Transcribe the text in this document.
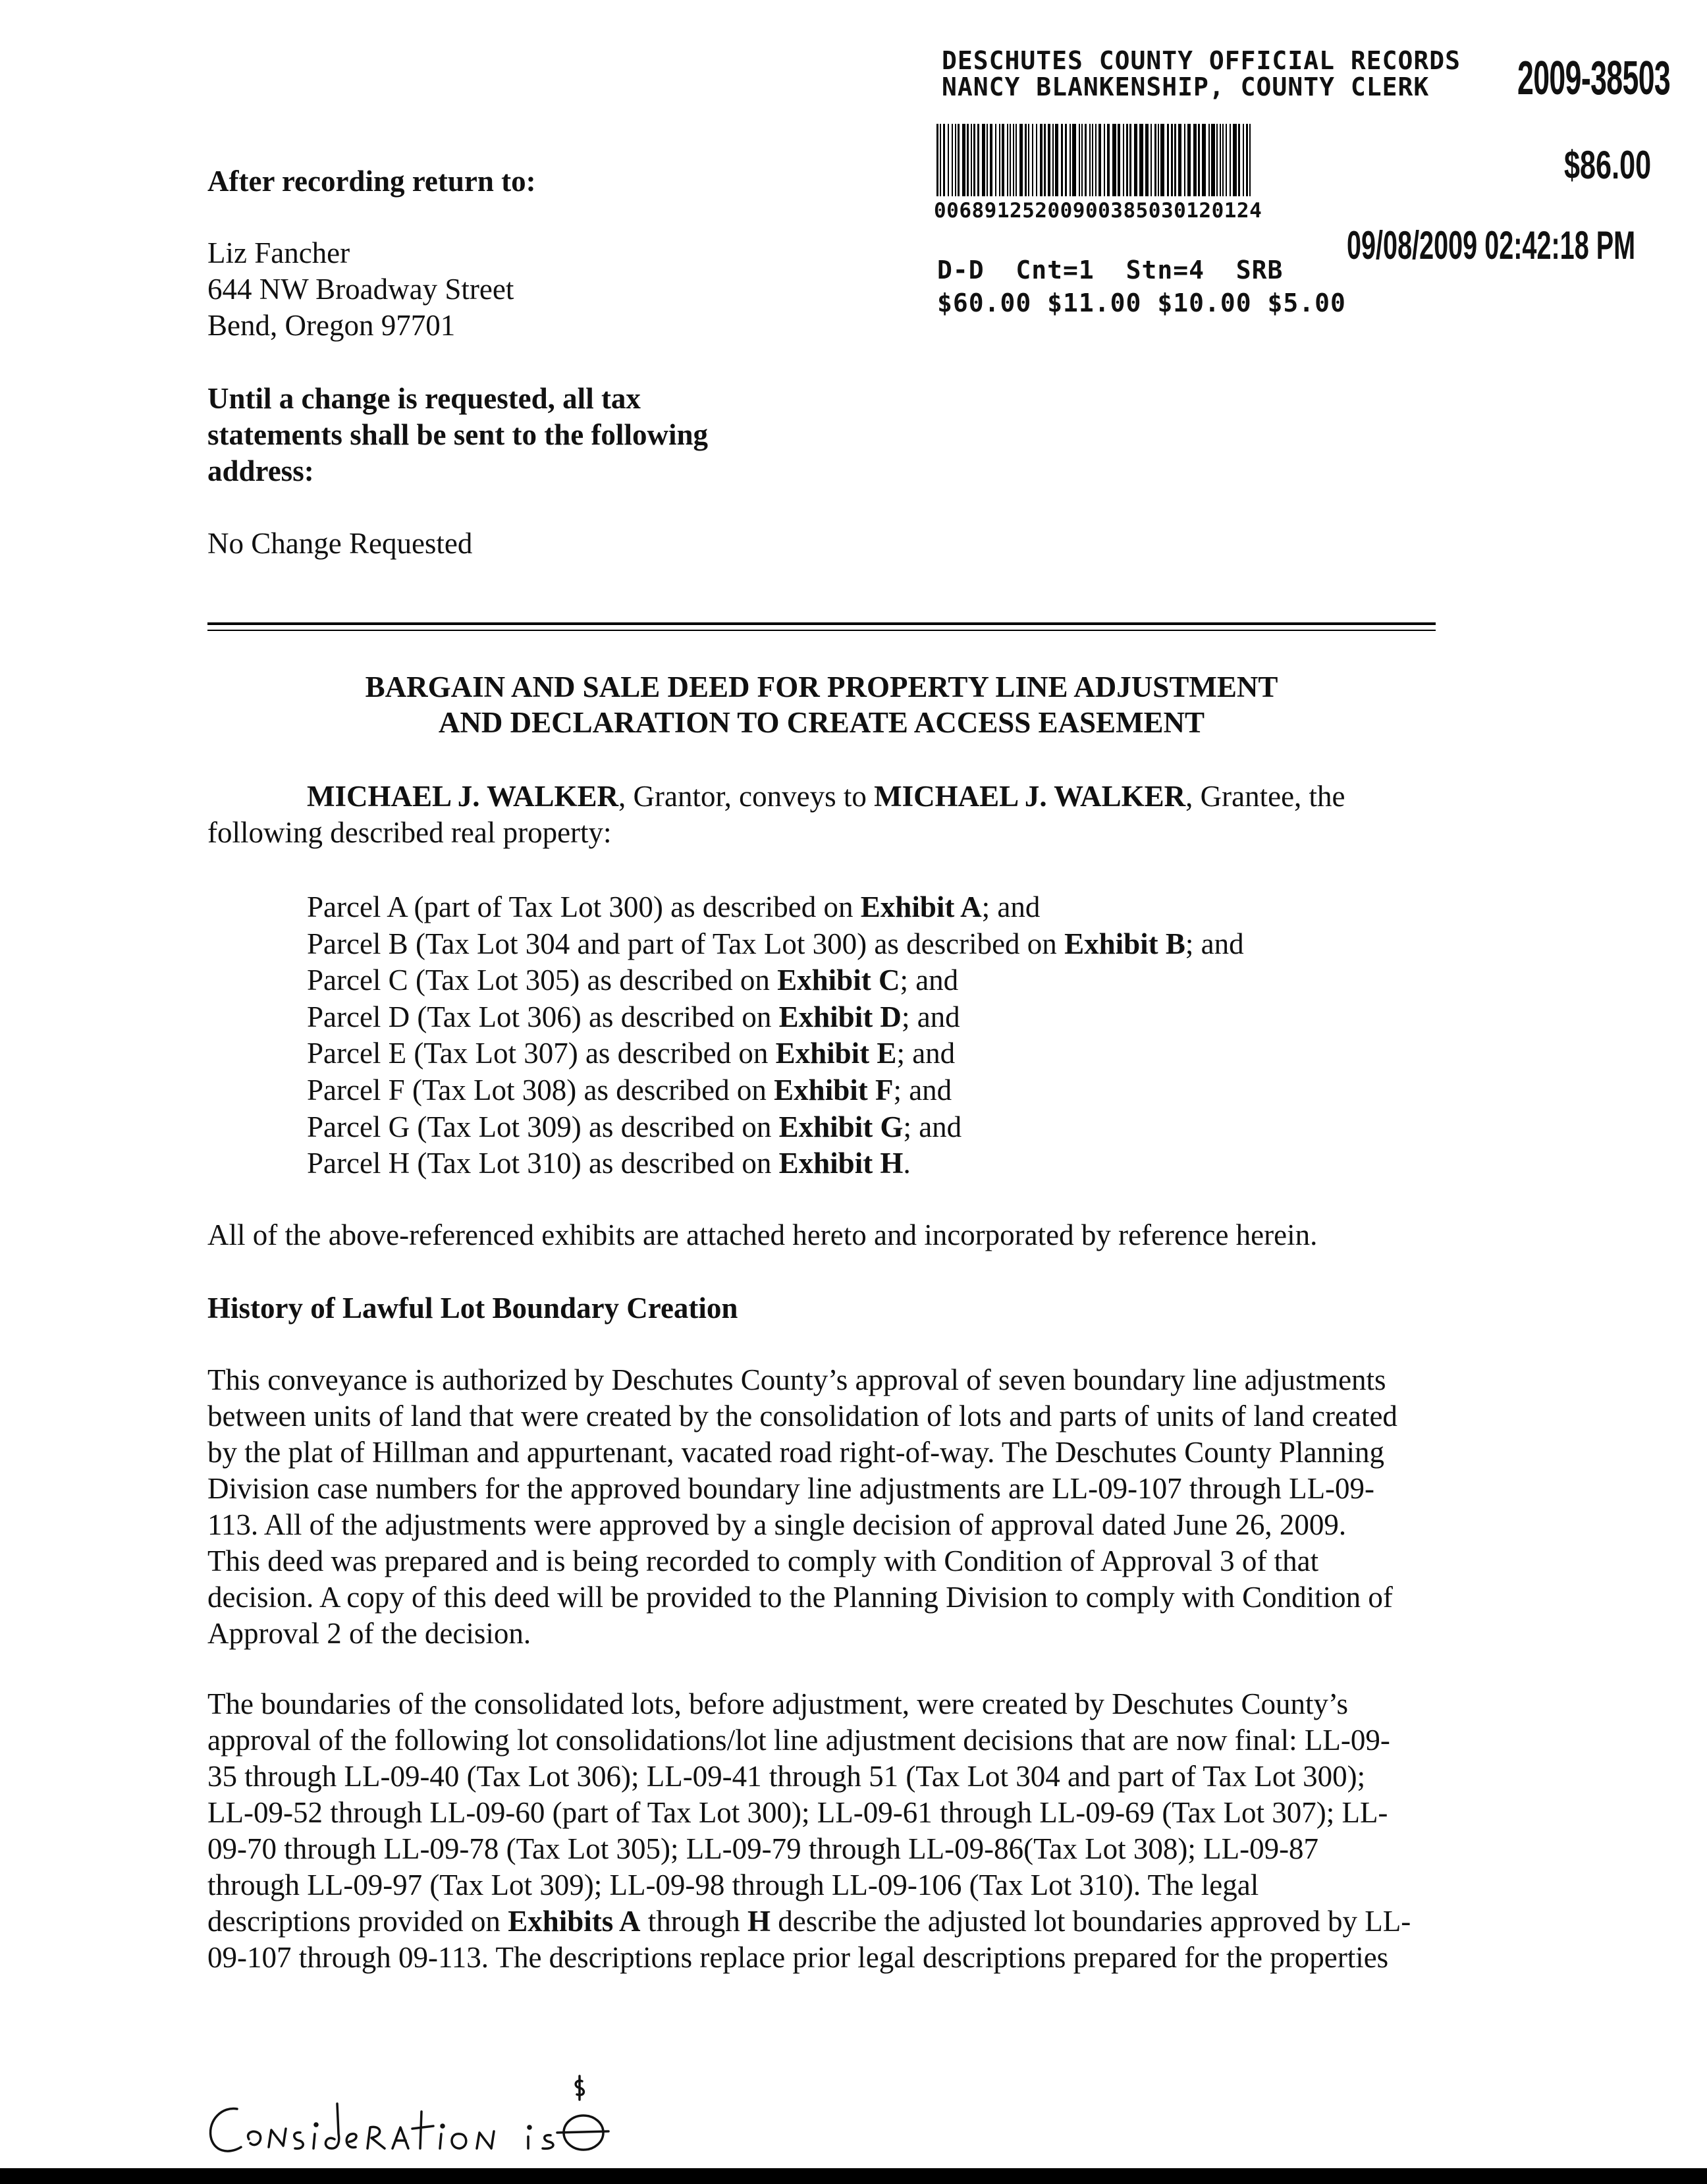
DESCHUTES COUNTY OFFICIAL RECORDS
NANCY BLANKENSHIP, COUNTY CLERK 2009-38503
$86.00
00689125200900385030120124
09/08/2009 02:42:18 PM
D-D Cnt=1 Stn=4 SRB
$60.00 $11.00 $10.00 $5.00
After recording return to:
Liz Fancher
644 NW Broadway Street
Bend, Oregon 97701
Until a change is requested, all tax
statements shall be sent to the following
address:
No Change Requested
BARGAIN AND SALE DEED FOR PROPERTY LINE ADJUSTMENT
AND DECLARATION TO CREATE ACCESS EASEMENT
MICHAEL J. WALKER, Grantor, conveys to MICHAEL J. WALKER, Grantee, the
following described real property:
Parcel A (part of Tax Lot 300) as described on Exhibit A; and
Parcel B (Tax Lot 304 and part of Tax Lot 300) as described on Exhibit B; and
Parcel C (Tax Lot 305) as described on Exhibit C; and
Parcel D (Tax Lot 306) as described on Exhibit D; and
Parcel E (Tax Lot 307) as described on Exhibit E; and
Parcel F (Tax Lot 308) as described on Exhibit F; and
Parcel G (Tax Lot 309) as described on Exhibit G; and
Parcel H (Tax Lot 310) as described on Exhibit H.
All of the above-referenced exhibits are attached hereto and incorporated by reference herein.
History of Lawful Lot Boundary Creation
This conveyance is authorized by Deschutes County’s approval of seven boundary line adjustments
between units of land that were created by the consolidation of lots and parts of units of land created
by the plat of Hillman and appurtenant, vacated road right-of-way. The Deschutes County Planning
Division case numbers for the approved boundary line adjustments are LL-09-107 through LL-09-
113. All of the adjustments were approved by a single decision of approval dated June 26, 2009.
This deed was prepared and is being recorded to comply with Condition of Approval 3 of that
decision. A copy of this deed will be provided to the Planning Division to comply with Condition of
Approval 2 of the decision.
The boundaries of the consolidated lots, before adjustment, were created by Deschutes County’s
approval of the following lot consolidations/lot line adjustment decisions that are now final: LL-09-
35 through LL-09-40 (Tax Lot 306); LL-09-41 through 51 (Tax Lot 304 and part of Tax Lot 300);
LL-09-52 through LL-09-60 (part of Tax Lot 300); LL-09-61 through LL-09-69 (Tax Lot 307); LL-
09-70 through LL-09-78 (Tax Lot 305); LL-09-79 through LL-09-86(Tax Lot 308); LL-09-87
through LL-09-97 (Tax Lot 309); LL-09-98 through LL-09-106 (Tax Lot 310). The legal
descriptions provided on Exhibits A through H describe the adjusted lot boundaries approved by LL-
09-107 through 09-113. The descriptions replace prior legal descriptions prepared for the properties
